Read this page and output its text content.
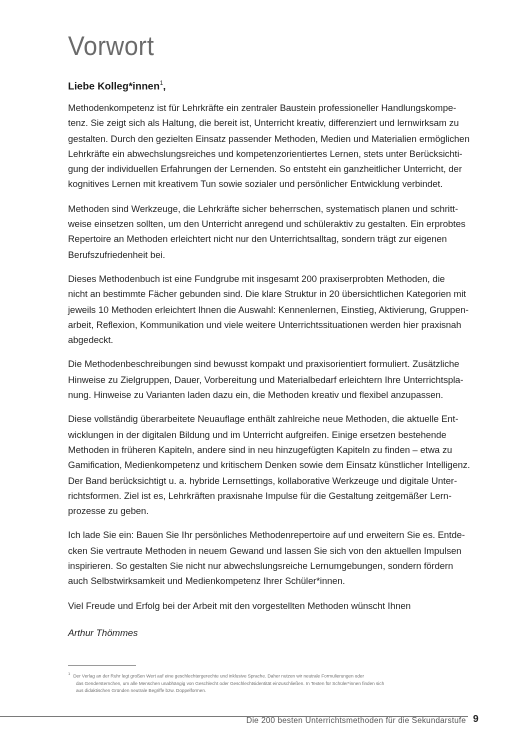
Vorwort
Liebe Kolleg*innen$^1$,

Methodenkompetenz ist für Lehrkräfte ein zentraler Baustein professioneller Handlungskompe-
tenz. Sie zeigt sich als Haltung, die bereit ist, Unterricht kreativ, differenziert und lernwirksam zu
gestalten. Durch den gezielten Einsatz passender Methoden, Medien und Materialien ermöglichen
Lehrkräfte ein abwechslungsreiches und kompetenzorientiertes Lernen, stets unter Berücksichti-
gung der individuellen Erfahrungen der Lernenden. So entsteht ein ganzheitlicher Unterricht, der
kognitives Lernen mit kreativem Tun sowie sozialer und persönlicher Entwicklung verbindet.

Methoden sind Werkzeuge, die Lehrkräfte sicher beherrschen, systematisch planen und schritt-
weise einsetzen sollten, um den Unterricht anregend und schüleraktiv zu gestalten. Ein erprobtes
Repertoire an Methoden erleichtert nicht nur den Unterrichtsalltag, sondern trägt zur eigenen
Berufszufriedenheit bei.

Dieses Methodenbuch ist eine Fundgrube mit insgesamt 200 praxiserprobten Methoden, die
nicht an bestimmte Fächer gebunden sind. Die klare Struktur in 20 übersichtlichen Kategorien mit
jeweils 10 Methoden erleichtert Ihnen die Auswahl: Kennenlernen, Einstieg, Aktivierung, Gruppen-
arbeit, Reflexion, Kommunikation und viele weitere Unterrichtssituationen werden hier praxisnah
abgedeckt.

Die Methodenbeschreibungen sind bewusst kompakt und praxisorientiert formuliert. Zusätzliche
Hinweise zu Zielgruppen, Dauer, Vorbereitung und Materialbedarf erleichtern Ihre Unterrichtspla-
nung. Hinweise zu Varianten laden dazu ein, die Methoden kreativ und flexibel anzupassen.

Diese vollständig überarbeitete Neuauflage enthält zahlreiche neue Methoden, die aktuelle Ent-
wicklungen in der digitalen Bildung und im Unterricht aufgreifen. Einige ersetzen bestehende
Methoden in früheren Kapiteln, andere sind in neu hinzugefügten Kapiteln zu finden – etwa zu
Gamification, Medienkompetenz und kritischem Denken sowie dem Einsatz künstlicher Intelligenz.
Der Band berücksichtigt u. a. hybride Lernsettings, kollaborative Werkzeuge und digitale Unter-
richtsformen. Ziel ist es, Lehrkräften praxisnahe Impulse für die Gestaltung zeitgemäßer Lern-
prozesse zu geben.

Ich lade Sie ein: Bauen Sie Ihr persönliches Methodenrepertoire auf und erweitern Sie es. Entde-
cken Sie vertraute Methoden in neuem Gewand und lassen Sie sich von den aktuellen Impulsen
inspirieren. So gestalten Sie nicht nur abwechslungsreiche Lernumgebungen, sondern fördern
auch Selbstwirksamkeit und Medienkompetenz Ihrer Schüler*innen.

Viel Freude und Erfolg bei der Arbeit mit den vorgestellten Methoden wünscht Ihnen

Arthur Thömmes
$^1$Der Verlag an der Ruhr legt großen Wert auf eine geschlechtergerechte und inklusive Sprache. Daher nutzen wir neutrale Formulierungen oder
das Gendersternchen, um alle Menschen unabhängig von Geschlecht oder Geschlechtsidentität einzuschließen. In Texten für Schüler*innen finden sich
aus didaktischen Gründen neutrale Begriffe bzw. Doppelformen.
Die 200 besten Unterrichtsmethoden für die Sekundarstufe 9
